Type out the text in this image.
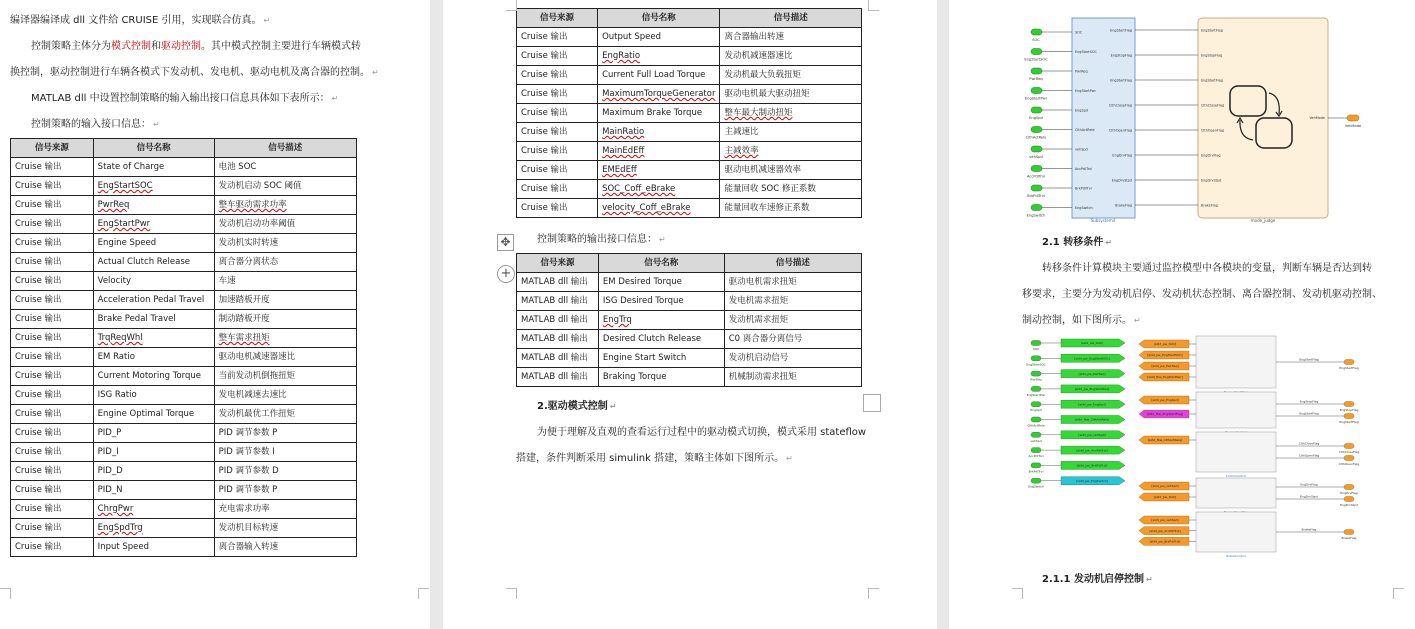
编译器编译成 dll 文件给 CRUISE 引用，实现联合仿真。 ↵
控制策略主体分为模式控制和驱动控制。其中模式控制主要进行车辆模式转
换控制，驱动控制进行车辆各模式下发动机、发电机、驱动电机及离合器的控制。 ↵
MATLAB dll 中设置控制策略的输入输出接口信息具体如下表所示： ↵
控制策略的输入接口信息： ↵
信号来源	信号名称	信号描述
Cruise 输出	State of Charge	电池 SOC
Cruise 输出	EngStartSOC	发动机启动 SOC 阈值
Cruise 输出	PwrReq	整车驱动需求功率
Cruise 输出	EngStartPwr	发动机启动功率阈值
Cruise 输出	Engine Speed	发动机实时转速
Cruise 输出	Actual Clutch Release	离合器分离状态
Cruise 输出	Velocity	车速
Cruise 输出	Acceleration Pedal Travel	加速踏板开度
Cruise 输出	Brake Pedal Travel	制动踏板开度
Cruise 输出	TrqReqWhl	整车需求扭矩
Cruise 输出	EM Ratio	驱动电机减速器速比
Cruise 输出	Current Motoring Torque	当前发动机倒拖扭矩
Cruise 输出	ISG Ratio	发电机减速去速比
Cruise 输出	Engine Optimal Torque	发动机最优工作扭矩
Cruise 输出	PID_P	PID 调节参数 P
Cruise 输出	PID_I	PID 调节参数 I
Cruise 输出	PID_D	PID 调节参数 D
Cruise 输出	PID_N	PID 调节参数 P
Cruise 输出	ChrgPwr	充电需求功率
Cruise 输出	EngSpdTrg	发动机目标转速
Cruise 输出	Input Speed	离合器输入转速
信号来源	信号名称	信号描述
Cruise 输出	Output Speed	离合器输出转速
Cruise 输出	EngRatio	发动机减速器速比
Cruise 输出	Current Full Load Torque	发动机最大负载扭矩
Cruise 输出	MaximumTorqueGenerator	驱动电机最大驱动扭矩
Cruise 输出	Maximum Brake Torque	整车最大制动扭矩
Cruise 输出	MainRatio	主减速比
Cruise 输出	MainEdEff	主减效率
Cruise 输出	EMEdEff	驱动电机减速器效率
Cruise 输出	SOC_Coff_eBrake	能量回收 SOC 修正系数
Cruise 输出	velocity_Coff_eBrake	能量回收车速修正系数
✥
+
控制策略的输出接口信息： ↵
信号来源	信号名称	信号描述
MATLAB dll 输出	EM Desired Torque	驱动电机需求扭矩
MATLAB dll 输出	ISG Desired Torque	发电机需求扭矩
MATLAB dll 输出	EngTrq	发动机需求扭矩
MATLAB dll 输出	Desired Clutch Release	C0 离合器分离信号
MATLAB dll 输出	Engine Start Switch	发动机启动信号
MATLAB dll 输出	Braking Torque	机械制动需求扭矩
2.驱动模式控制 ↵
为便于理解及直观的查看运行过程中的驱动模式切换，模式采用 stateflow
搭建，条件判断采用 simulink 搭建，策略主体如下图所示。 ↵
Subsystem4	mode_judge
SOC
SOC
EngStartSOC
EngStartSOC
PwrReq
PwrReq
EngStartPwr
EngStartPwr
EngSpd
EngSpd
ClthActRele
ClthActRele
vehSpd
vehSpd
AccPdlTrvl
AccPdlTrvl
BrkPdlTrvl
BrkPdlTrvl
EngSwitch
EngSwitch
EngStartFlag	EngStartFlag
EngStopFlag	EngStopFlag
EngStartFlag	EngStartFlag
ClthCloseFlag	ClthCloseFlag
ClthOpenFlag	ClthOpenFlag
EngDrvFlag	EngDrvFlag
EngDrvStpd	EngDrvStpd
BrakeFlag	BrakeFlag
VehMode
VehMode
2.1 转移条件 ↵
转移条件计算模块主要通过监控模型中各模块的变量，判断车辆是否达到转
移要求，主要分为发动机启停、发动机状态控制、离合器控制、发动机驱动控制、
制动控制，如下图所示。 ↵
SOC
[sldd_pw_SOC]
EngStartSOC
[sldd_pw_EngStartSOC]
PwrReq
[sldd_pw_PwrReq]
EngStartPwr
[sldd_pw_EngStartPwr]
EngSpd
[sldd_pw_EngSpd]
ClthActRele
[sldd_fbw_ClthActRele]
vehSpd
[sldd_pw_vehSpd]
AccPdlTrvl
[sldd_pw_AccPdlTrvl]
BrkPdlTrvl
[sldd_pw_BrkPdlTrvl]
EngSwitch
[sldd_pw_EngSwitch]
[sldd_pw_SOC]
[sldd_pw_EngStartSOC]
[sldd_pw_PwrReq]
[sldd_fbw_EngStartPwr]
EngStartFlag
EngStartFlag
[sldd_pw_EngSpd]
[sldd_fbw_EngStartFlag]
EngStopFlag
EngStopFlag
EngStartFlag
EngStartFlag
ClutchControl
[sldd_fbw_ClthActRele]
ClthCloseFlag
ClthCloseFlag
ClthOpenFlag
ClthOpenFlag
[sldd_pw_vehSpd]
[sldd_pw_SOC]
EngDrvFlag
EngDrvFlag
EngDrvStpd
EngDrvStpd
BrakeControl
[sldd_pw_vehSpd]
[sldd_pw_AccPdlTrvl]
[sldd_pw_BrkPdlTrvl]
BrakeFlag
BrakeFlag
2.1.1 发动机启停控制 ↵
